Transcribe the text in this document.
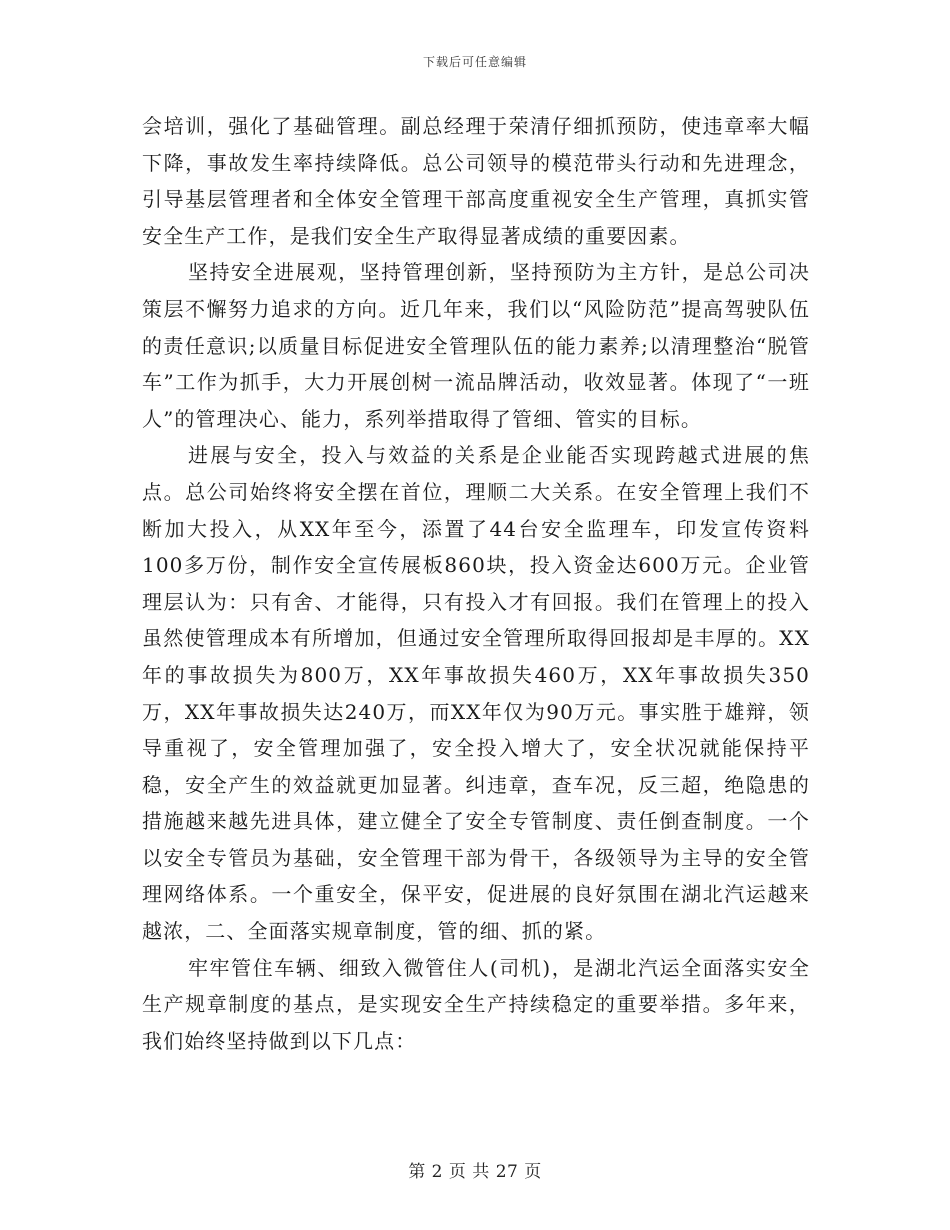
下载后可任意编辑

会培训，强化了基础管理。副总经理于荣清仔细抓预防，使违章率大幅下降，事故发生率持续降低。总公司领导的模范带头行动和先进理念，引导基层管理者和全体安全管理干部高度重视安全生产管理，真抓实管安全生产工作，是我们安全生产取得显著成绩的重要因素。

坚持安全进展观，坚持管理创新，坚持预防为主方针，是总公司决策层不懈努力追求的方向。近几年来，我们以“风险防范”提高驾驶队伍的责任意识;以质量目标促进安全管理队伍的能力素养;以清理整治“脱管车”工作为抓手，大力开展创树一流品牌活动，收效显著。体现了“一班人”的管理决心、能力，系列举措取得了管细、管实的目标。

进展与安全，投入与效益的关系是企业能否实现跨越式进展的焦点。总公司始终将安全摆在首位，理顺二大关系。在安全管理上我们不断加大投入，从XX年至今，添置了44台安全监理车，印发宣传资料100多万份，制作安全宣传展板860块，投入资金达600万元。企业管理层认为：只有舍、才能得，只有投入才有回报。我们在管理上的投入虽然使管理成本有所增加，但通过安全管理所取得回报却是丰厚的。XX年的事故损失为800万，XX年事故损失460万，XX年事故损失350万，XX年事故损失达240万，而XX年仅为90万元。事实胜于雄辩，领导重视了，安全管理加强了，安全投入增大了，安全状况就能保持平稳，安全产生的效益就更加显著。纠违章，查车况，反三超，绝隐患的措施越来越先进具体，建立健全了安全专管制度、责任倒查制度。一个以安全专管员为基础，安全管理干部为骨干，各级领导为主导的安全管理网络体系。一个重安全，保平安，促进展的良好氛围在湖北汽运越来越浓，二、全面落实规章制度，管的细、抓的紧。

牢牢管住车辆、细致入微管住人(司机)，是湖北汽运全面落实安全生产规章制度的基点，是实现安全生产持续稳定的重要举措。多年来，我们始终坚持做到以下几点：

第 2 页 共 27 页
